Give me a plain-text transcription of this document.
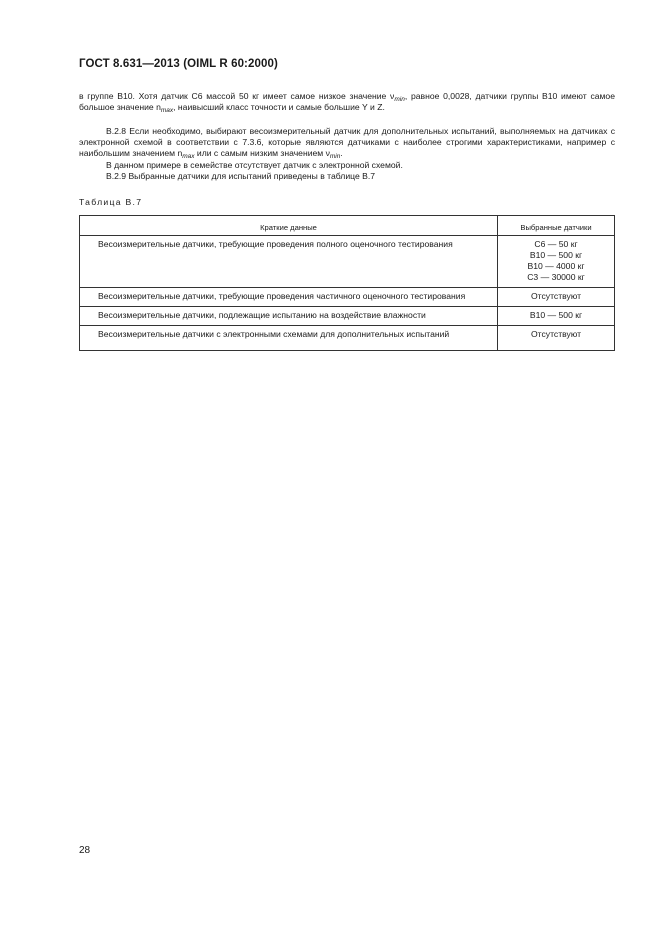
ГОСТ 8.631—2013 (OIML R 60:2000)

в группе В10. Хотя датчик С6 массой 50 кг имеет самое низкое значение $\nu_{min}$, равное 0,0028, датчики группы В10 имеют самое большое значение $n_{max}$, наивысший класс точности и самые большие Y и Z.

В.2.8 Если необходимо, выбирают весоизмерительный датчик для дополнительных испытаний, выполняемых на датчиках с электронной схемой в соответствии с 7.3.6, которые являются датчиками с наиболее строгими характеристиками, например с наибольшим значением $n_{max}$ или с самым низким значением $\nu_{min}$.

В данном примере в семействе отсутствует датчик с электронной схемой.

В.2.9 Выбранные датчики для испытаний приведены в таблице В.7

Таблица В.7
Краткие данные	Выбранные датчики
Весоизмерительные датчики, требующие проведения полного оценочного тестирования	С6 — 50 кг
В10 — 500 кг
В10 — 4000 кг
С3 — 30000 кг

Весоизмерительные датчики, требующие проведения частичного оценочного тестирования	Отсутствуют

Весоизмерительные датчики, подлежащие испытанию на воздействие влажности	В10 — 500 кг

Весоизмерительные датчики с электронными схемами для дополнительных испытаний	Отсутствуют
28
